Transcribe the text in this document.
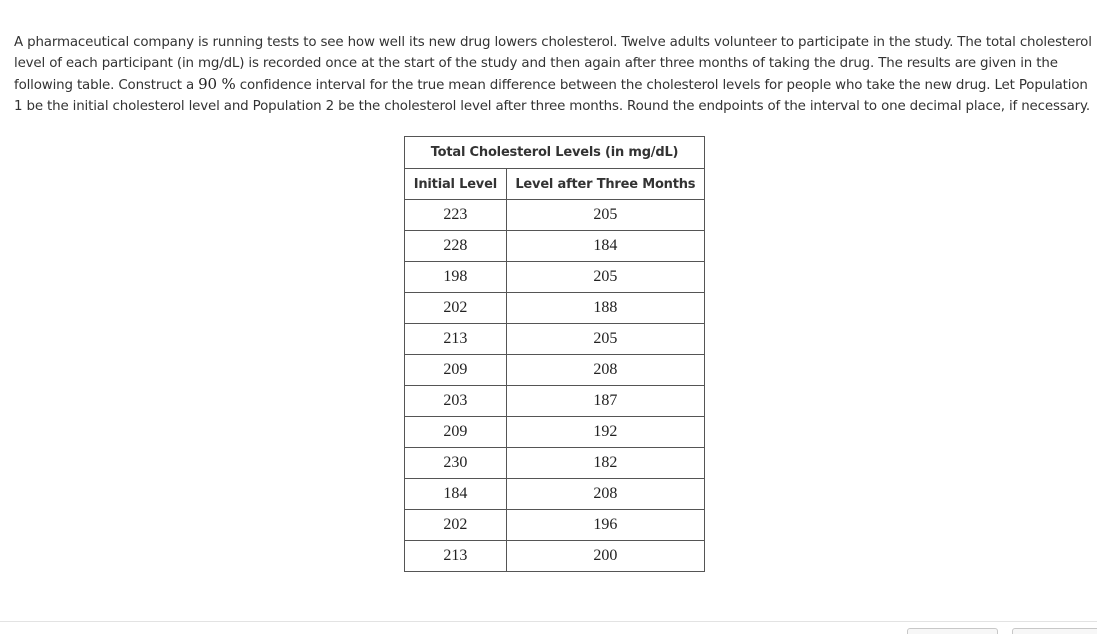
A pharmaceutical company is running tests to see how well its new drug lowers cholesterol. Twelve adults volunteer to participate in the study. The total cholesterol level of each participant (in mg/dL) is recorded once at the start of the study and then again after three months of taking the drug. The results are given in the following table. Construct a 90 % confidence interval for the true mean difference between the cholesterol levels for people who take the new drug. Let Population 1 be the initial cholesterol level and Population 2 be the cholesterol level after three months. Round the endpoints of the interval to one decimal place, if necessary.

Total Cholesterol Levels (in mg/dL)	
Initial Level	Level after Three Months
223	205
228	184
198	205
202	188
213	205
209	208
203	187
209	192
230	182
184	208
202	196
213	200
